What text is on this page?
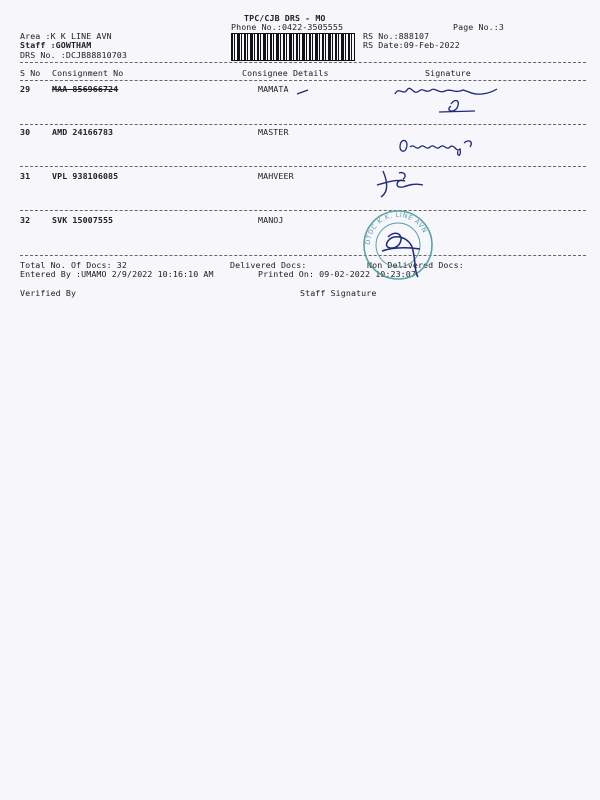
TPC/CJB DRS - MO
Phone No.:0422-3505555	Page No.:3
Area :K K LINE AVN
Staff :GOWTHAM
DRS No. :DCJB88810703
RS No.:888107
RS Date:09-Feb-2022
S No Consignment No	Consignee Details	Signature
29	MAA 856966724	MAMATA
30	AMD 24166783	MASTER
31	VPL 938106085	MAHVEER
32	SVK 15007555	MANOJ
Total No. Of Docs: 32	Delivered Docs:	Non Delivered Docs:
Entered By :UMAMO 2/9/2022 10:16:10 AM	Printed On: 09-02-2022 10:23:07
Verified By	Staff Signature
DTDC K.K. LINE AVN
